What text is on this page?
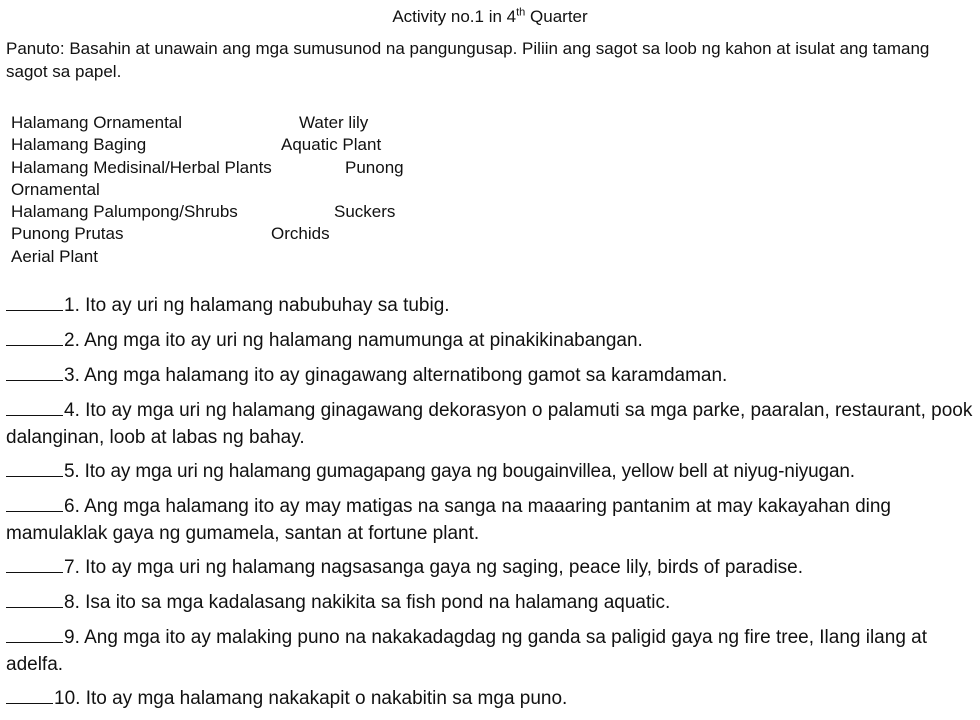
Activity no.1 in 4th Quarter
Panuto: Basahin at unawain ang mga sumusunod na pangungusap. Piliin ang sagot sa loob ng kahon at isulat ang tamang sagot sa papel.
Halamang Ornamental	Water lily
Halamang Baging	Aquatic Plant
Halamang Medisinal/Herbal Plants	Punong
Ornamental
Halamang Palumpong/Shrubs	Suckers
Punong Prutas	Orchids
Aerial Plant
1. Ito ay uri ng halamang nabubuhay sa tubig.
2. Ang mga ito ay uri ng halamang namumunga at pinakikinabangan.
3. Ang mga halamang ito ay ginagawang alternatibong gamot sa karamdaman.
4. Ito ay mga uri ng halamang ginagawang dekorasyon o palamuti sa mga parke, paaralan, restaurant, pook dalanginan, loob at labas ng bahay.
5. Ito ay mga uri ng halamang gumagapang gaya ng bougainvillea, yellow bell at niyug-niyugan.
6. Ang mga halamang ito ay may matigas na sanga na maaaring pantanim at may kakayahan ding mamulaklak gaya ng gumamela, santan at fortune plant.
7. Ito ay mga uri ng halamang nagsasanga gaya ng saging, peace lily, birds of paradise.
8. Isa ito sa mga kadalasang nakikita sa fish pond na halamang aquatic.
9. Ang mga ito ay malaking puno na nakakadagdag ng ganda sa paligid gaya ng fire tree, Ilang ilang at adelfa.
10. Ito ay mga halamang nakakapit o nakabitin sa mga puno.
